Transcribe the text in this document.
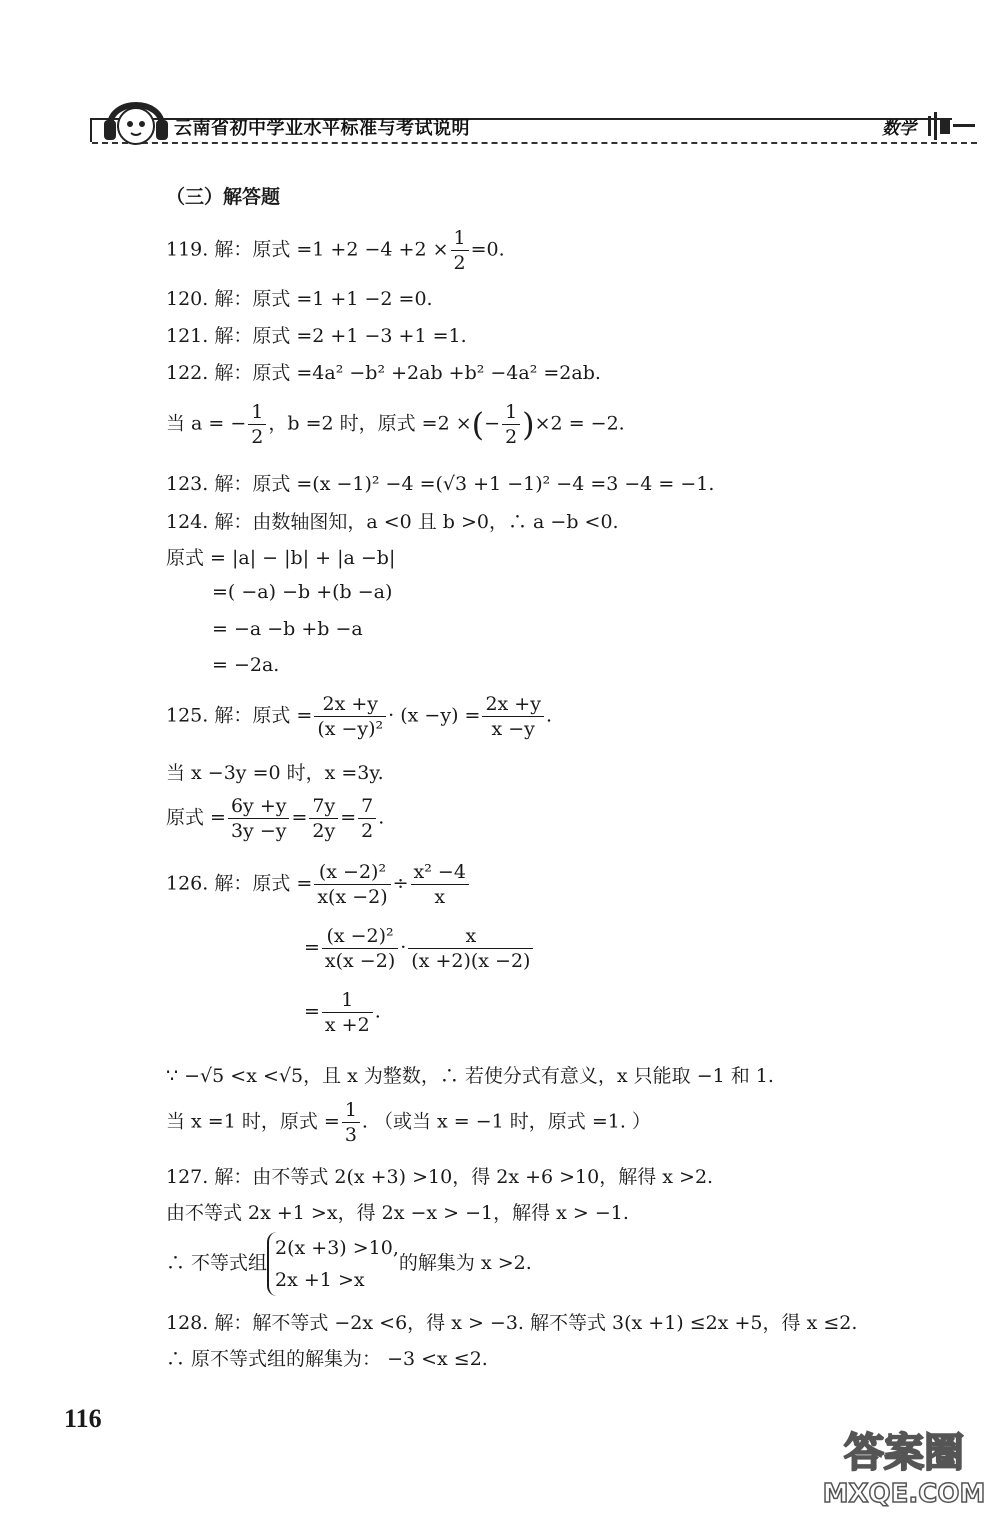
云南省初中学业水平标准与考试说明	数学
（三）解答题
119. 解：原式 $=1 +2 -4 +2 \times \frac{1}{2} =0$.
120. 解：原式 =1 +1 −2 =0.
121. 解：原式 =2 +1 −3 +1 =1.
122. 解：原式 =4a² −b² +2ab +b² −4a² =2ab.
当 a = − $\frac{1}{2}$ ，b =2 时，原式 =2 ×(− $\frac{1}{2} )\times 2 = -2$.
123. 解：原式 =(x −1)² −4 =(√3 +1 −1)² −4 =3 −4 = −1.
124. 解：由数轴图知，a <0 且 b >0，∴ a −b <0.
原式 = |a| − |b| + |a −b|
=( −a) −b +(b −a)
= −a −b +b −a
= −2a.
125. 解：原式 = $\frac{2x +y}{\text{(x −y)²}} \cdot (x -y) = \frac{2x +y}{x -y}$ .
当 x −3y =0 时，x =3y.
原式 = $\frac{6y +y}{3y -y} = \frac{7y}{2y} = \frac{7}{2}$ .
126. 解：原式 = $\frac{\text{(x −2)²}}{x(x -2)} \div \frac{\text{x² −4}}{x}$
= $\frac{\text{(x −2)²}}{x(x -2)} \cdot \frac{x}{(x +2)(x -2)}$
= $\frac{1}{x +2}$ .
∵ −√5 <x <√5，且 x 为整数，∴ 若使分式有意义，x 只能取 −1 和 1.
当 x =1 时，原式 = $\frac{1}{3}$ . （或当 x = −1 时，原式 =1. ）
127. 解：由不等式 2(x +3) >10，得 2x +6 >10，解得 x >2.
由不等式 2x +1 >x，得 2x −x > −1，解得 x > −1.
∴ 不等式组
2(x +3) >10,
2x +1 >x
的解集为 x >2.
128. 解：解不等式 −2x <6，得 x > −3. 解不等式 3(x +1) ≤2x +5，得 x ≤2.
∴ 原不等式组的解集为： −3 <x ≤2.
116
答案圈
MXQE.COM
